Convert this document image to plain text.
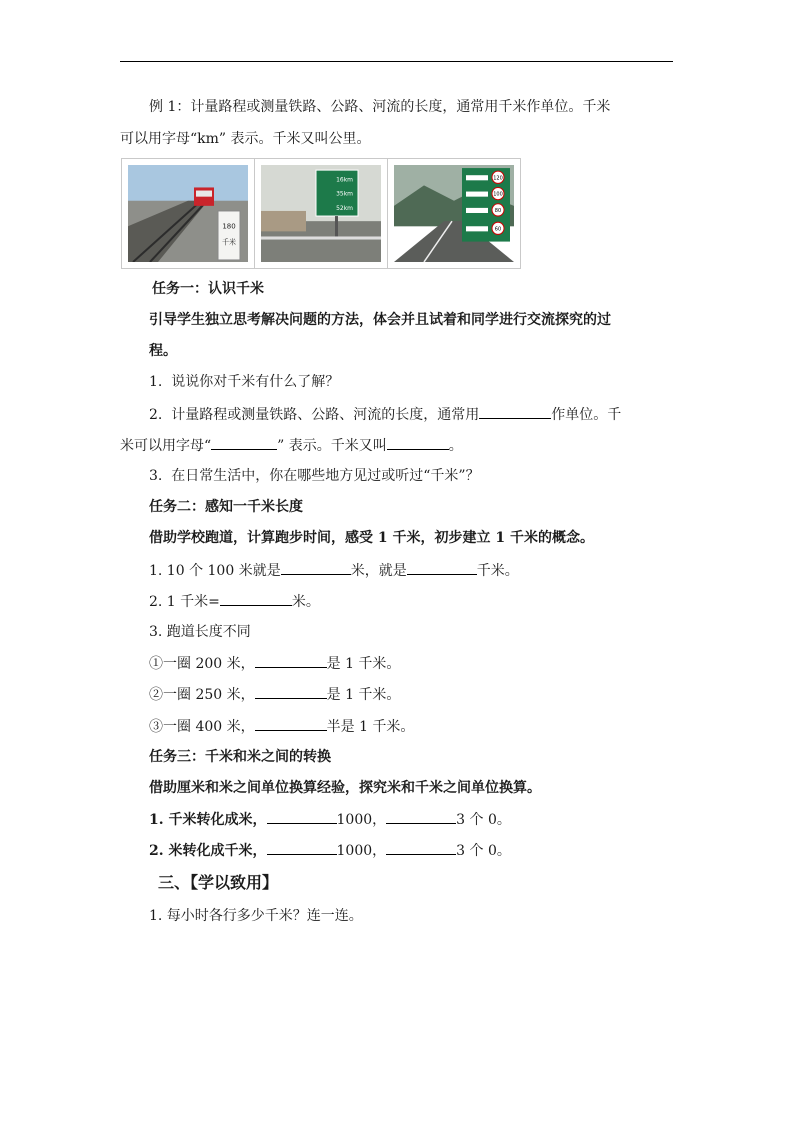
例 1：计量路程或测量铁路、公路、河流的长度，通常用千米作单位。千米
可以用字母“km” 表示。千米又叫公里。
180
千米
16km
35km
52km
120
100
80
60
任务一：认识千米
引导学生独立思考解决问题的方法，体会并且试着和同学进行交流探究的过
程。
1.  说说你对千米有什么了解？
2.  计量路程或测量铁路、公路、河流的长度，通常用	作单位。千
米可以用字母“	” 表示。千米又叫	。
3.  在日常生活中，你在哪些地方见过或听过“千米”？
任务二：感知一千米长度
借助学校跑道，计算跑步时间，感受 1 千米，初步建立 1 千米的概念。
1. 10 个 100 米就是	米，就是	千米。
2. 1 千米=	米。
3. 跑道长度不同
①一圈 200 米，	是 1 千米。
②一圈 250 米，	是 1 千米。
③一圈 400 米，	半是 1 千米。
任务三：千米和米之间的转换
借助厘米和米之间单位换算经验，探究米和千米之间单位换算。
1. 千米转化成米，	1000，	3 个 0。
2. 米转化成千米，	1000，	3 个 0。
三、【学以致用】
1. 每小时各行多少千米？连一连。
